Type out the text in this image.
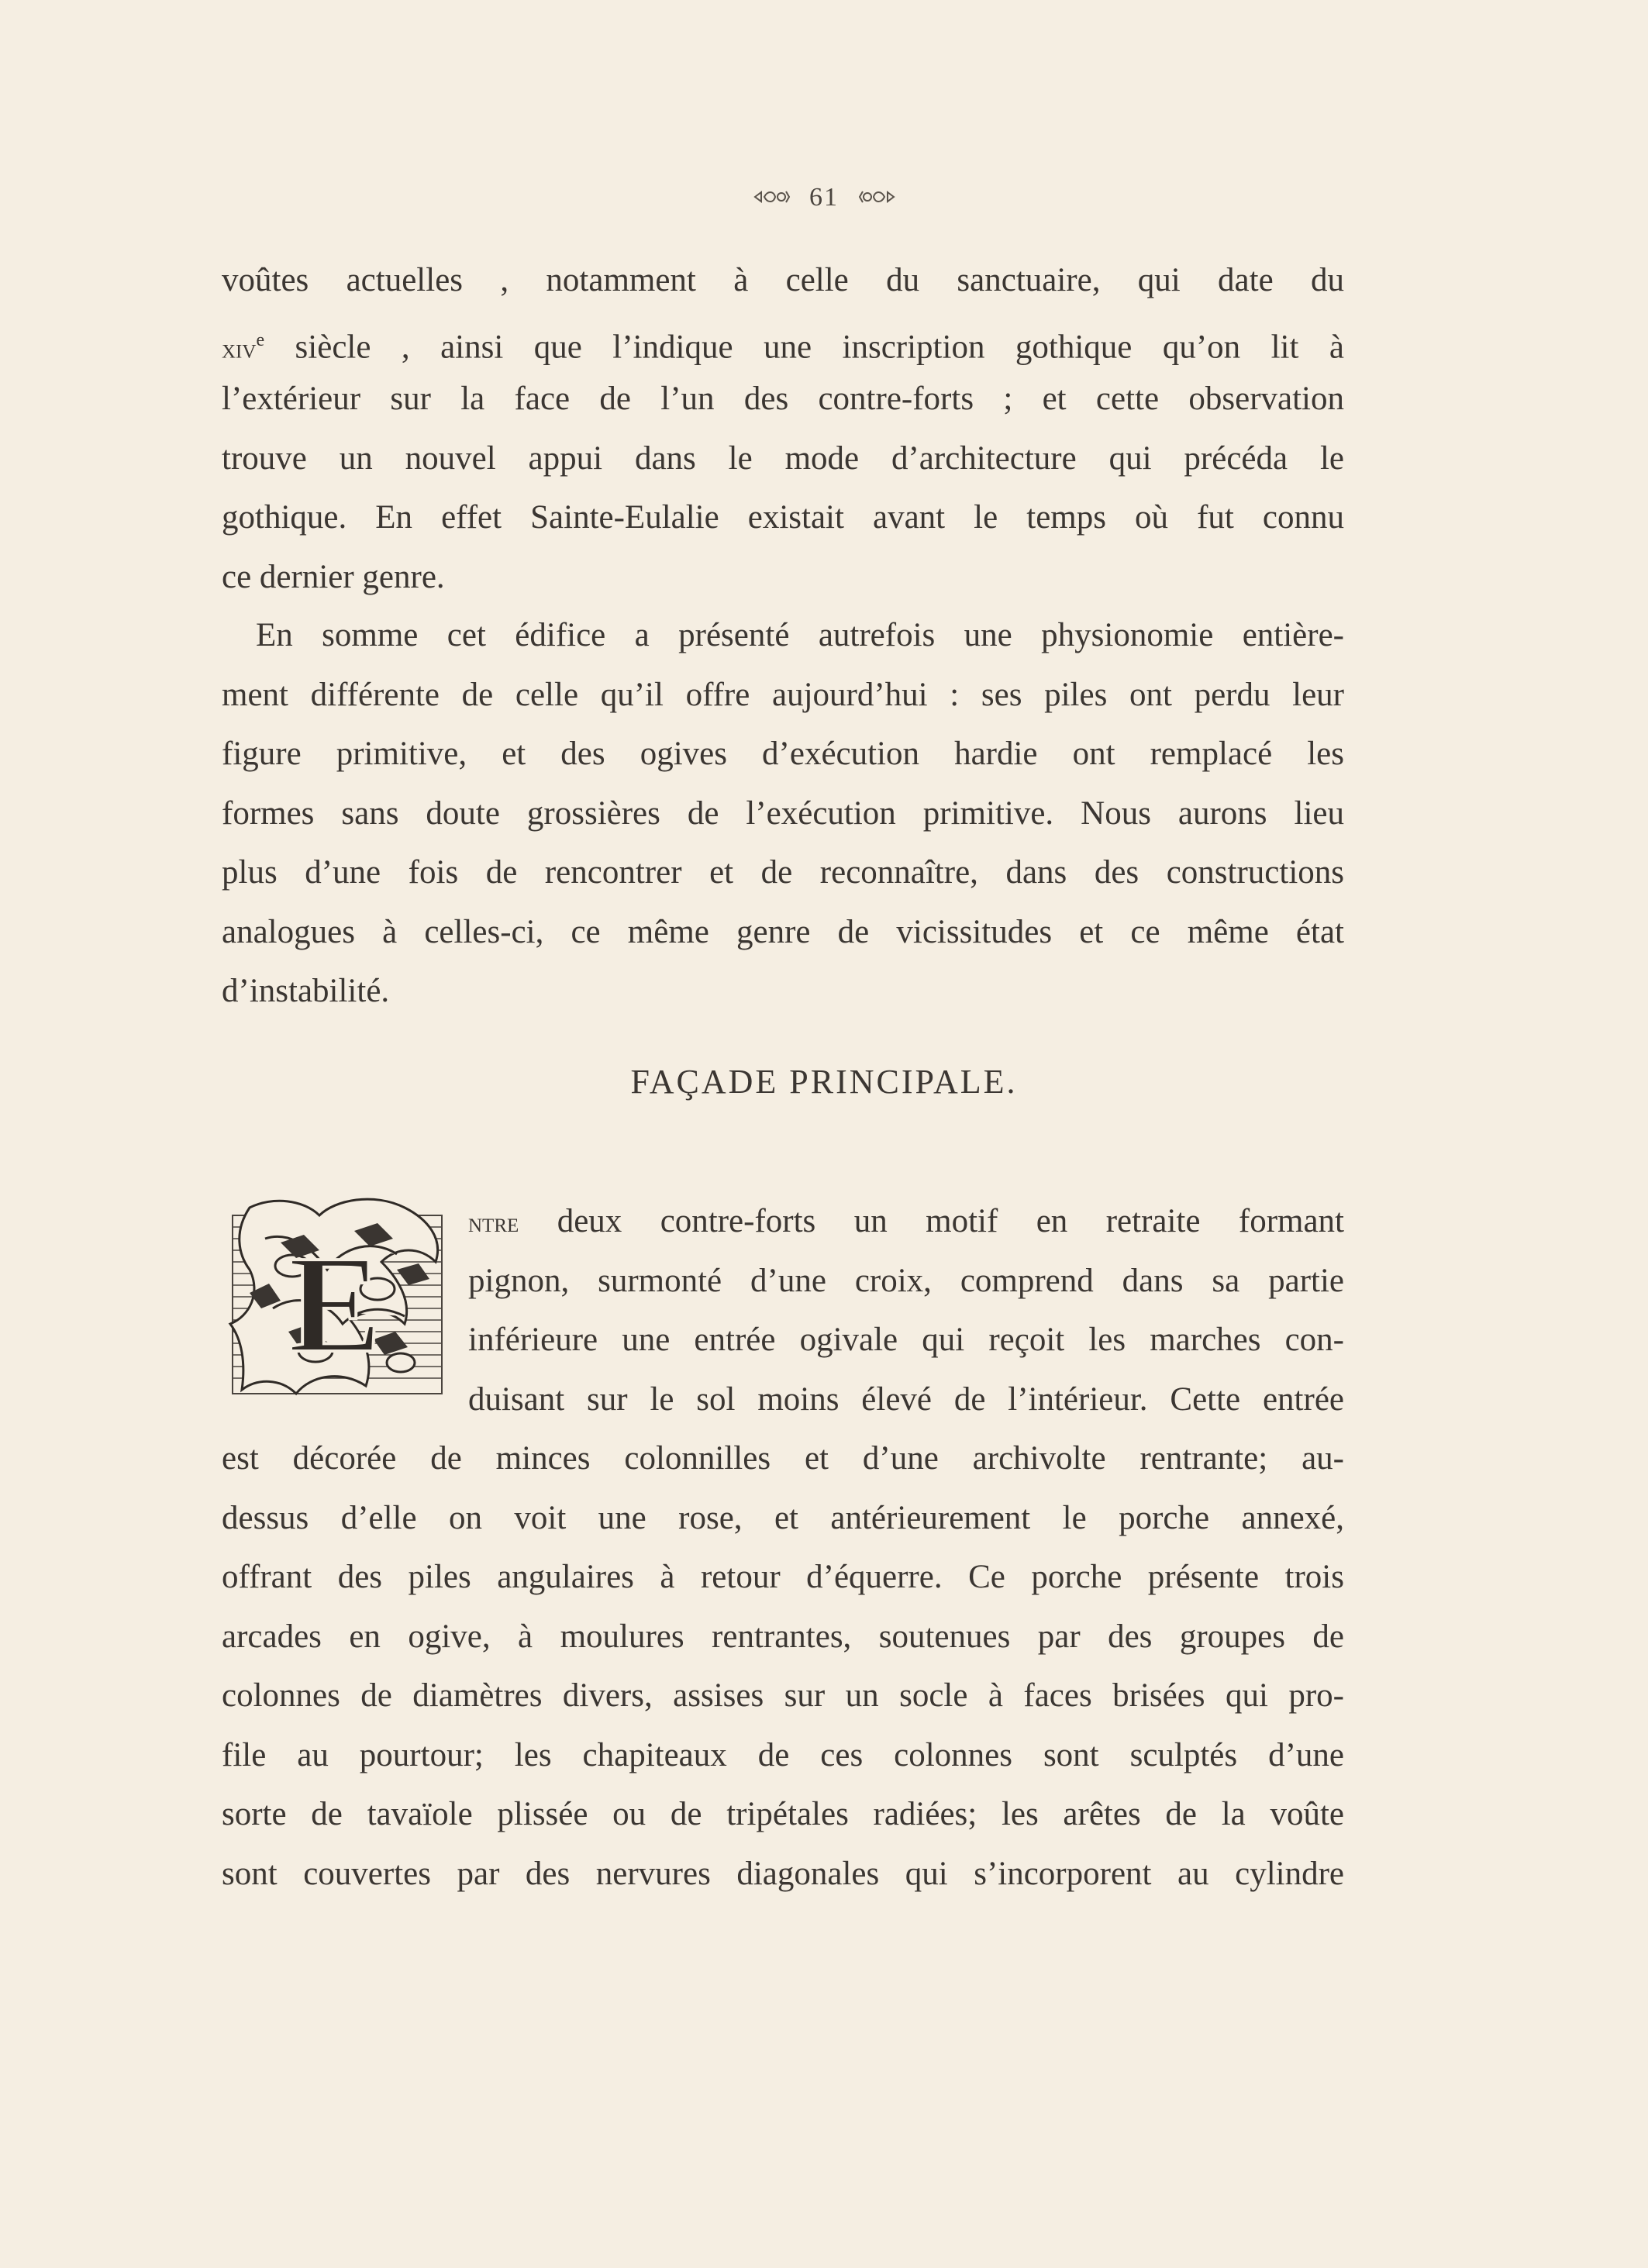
61
voûtes actuelles , notamment à celle du sanctuaire, qui date du
xiv$^e$ siècle , ainsi que l’indique une inscription gothique qu’on lit à
l’extérieur sur la face de l’un des contre-forts ; et cette observation
trouve un nouvel appui dans le mode d’architecture qui précéda le
gothique. En effet Sainte-Eulalie existait avant le temps où fut connu
ce dernier genre.
En somme cet édifice a présenté autrefois une physionomie entière-
ment différente de celle qu’il offre aujourd’hui : ses piles ont perdu leur
figure primitive, et des ogives d’exécution hardie ont remplacé les
formes sans doute grossières de l’exécution primitive. Nous aurons lieu
plus d’une fois de rencontrer et de reconnaître, dans des constructions
analogues à celles-ci, ce même genre de vicissitudes et ce même état
d’instabilité.
FAÇADE PRINCIPALE.
E
ntre deux contre-forts un motif en retraite formant
pignon, surmonté d’une croix, comprend dans sa partie
inférieure une entrée ogivale qui reçoit les marches con-
duisant sur le sol moins élevé de l’intérieur. Cette entrée
est décorée de minces colonnilles et d’une archivolte rentrante; au-
dessus d’elle on voit une rose, et antérieurement le porche annexé,
offrant des piles angulaires à retour d’équerre. Ce porche présente trois
arcades en ogive, à moulures rentrantes, soutenues par des groupes de
colonnes de diamètres divers, assises sur un socle à faces brisées qui pro-
file au pourtour; les chapiteaux de ces colonnes sont sculptés d’une
sorte de tavaïole plissée ou de tripétales radiées; les arêtes de la voûte
sont couvertes par des nervures diagonales qui s’incorporent au cylindre
